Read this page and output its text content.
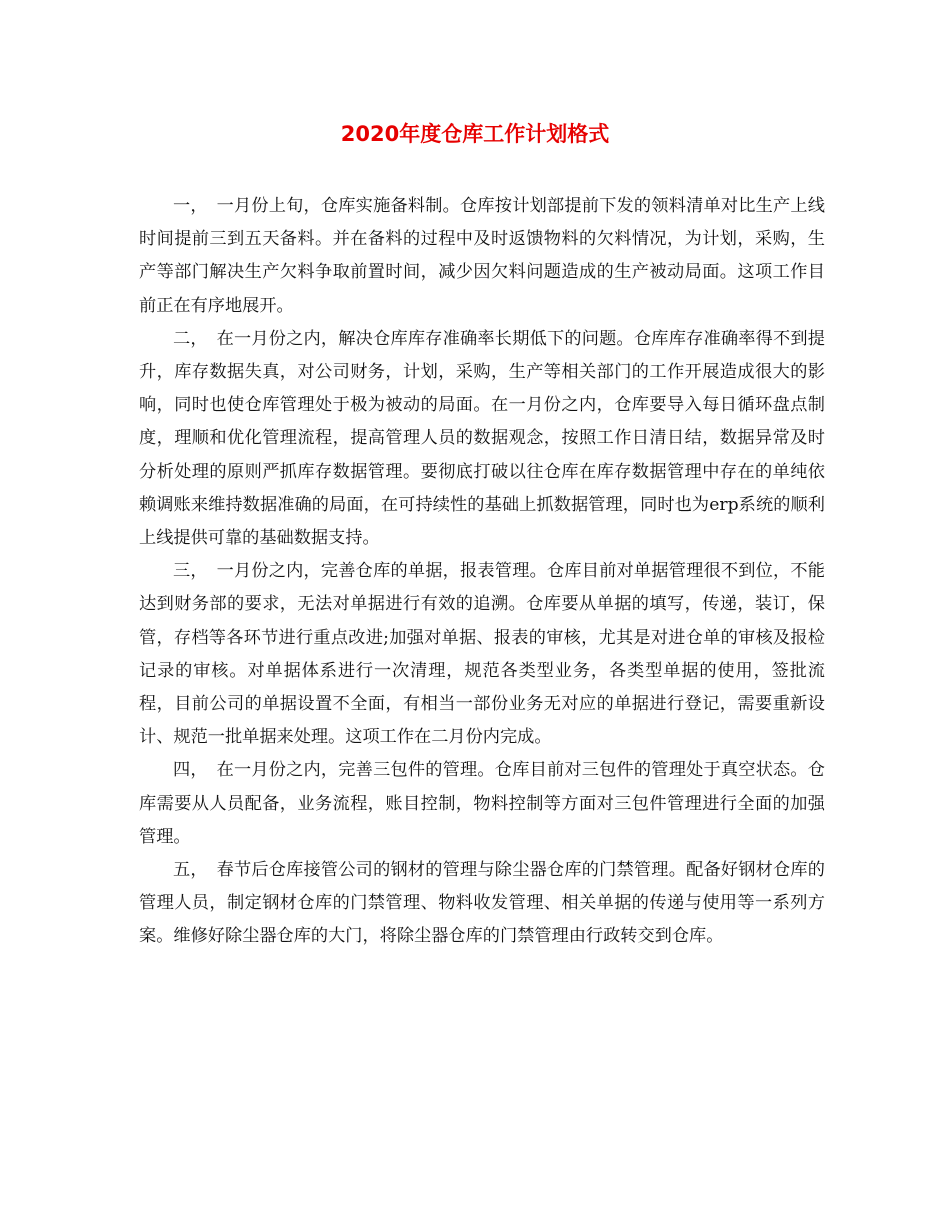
2020年度仓库工作计划格式

一，　一月份上旬，仓库实施备料制。仓库按计划部提前下发的领料清单对比生产上线时间提前三到五天备料。并在备料的过程中及时返馈物料的欠料情况，为计划，采购，生产等部门解决生产欠料争取前置时间，减少因欠料问题造成的生产被动局面。这项工作目前正在有序地展开。

二，　在一月份之内，解决仓库库存准确率长期低下的问题。仓库库存准确率得不到提升，库存数据失真，对公司财务，计划，采购，生产等相关部门的工作开展造成很大的影响，同时也使仓库管理处于极为被动的局面。在一月份之内，仓库要导入每日循环盘点制度，理顺和优化管理流程，提高管理人员的数据观念，按照工作日清日结，数据异常及时分析处理的原则严抓库存数据管理。要彻底打破以往仓库在库存数据管理中存在的单纯依赖调账来维持数据准确的局面，在可持续性的基础上抓数据管理，同时也为erp系统的顺利上线提供可靠的基础数据支持。

三，　一月份之内，完善仓库的单据，报表管理。仓库目前对单据管理很不到位，不能达到财务部的要求，无法对单据进行有效的追溯。仓库要从单据的填写，传递，装订，保管，存档等各环节进行重点改进;加强对单据、报表的审核，尤其是对进仓单的审核及报检记录的审核。对单据体系进行一次清理，规范各类型业务，各类型单据的使用，签批流程，目前公司的单据设置不全面，有相当一部份业务无对应的单据进行登记，需要重新设计、规范一批单据来处理。这项工作在二月份内完成。

四，　在一月份之内，完善三包件的管理。仓库目前对三包件的管理处于真空状态。仓库需要从人员配备，业务流程，账目控制，物料控制等方面对三包件管理进行全面的加强管理。

五，　春节后仓库接管公司的钢材的管理与除尘器仓库的门禁管理。配备好钢材仓库的管理人员，制定钢材仓库的门禁管理、物料收发管理、相关单据的传递与使用等一系列方案。维修好除尘器仓库的大门，将除尘器仓库的门禁管理由行政转交到仓库。
